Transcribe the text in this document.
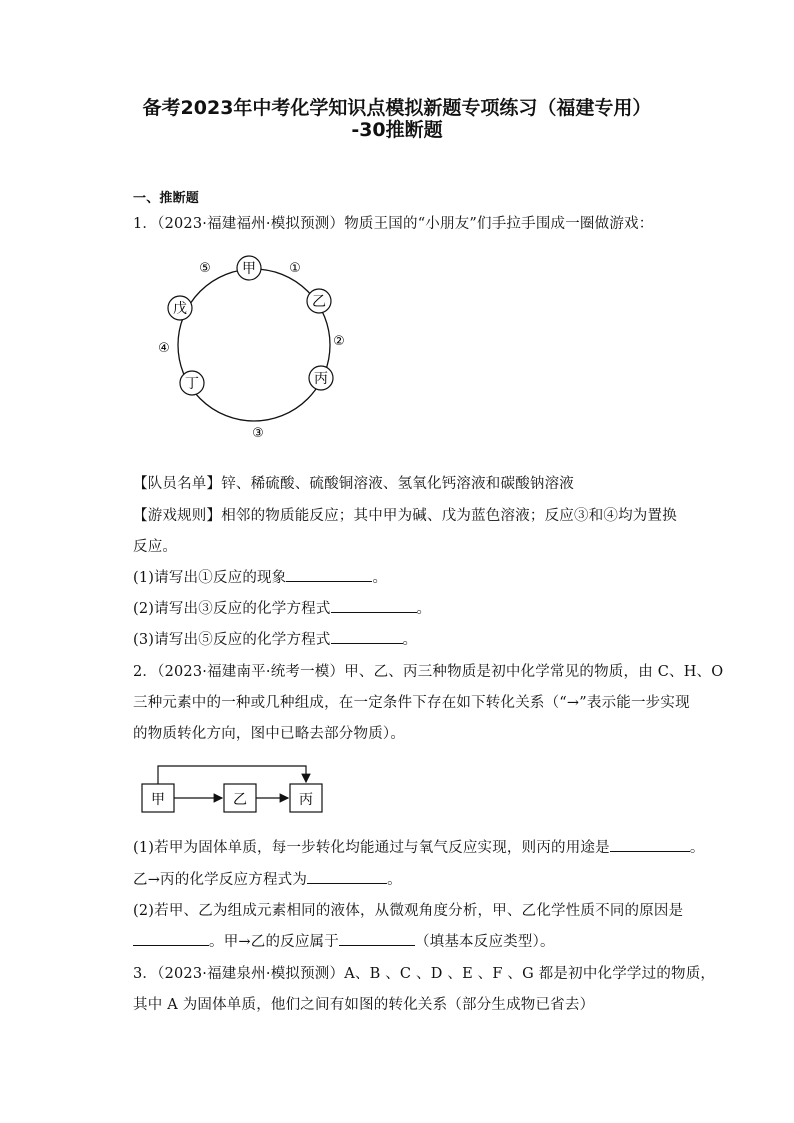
备考2023年中考化学知识点模拟新题专项练习（福建专用）
-30推断题
一、推断题
1．（2023·福建福州·模拟预测）物质王国的“小朋友”们手拉手围成一圈做游戏：
甲
乙
丙
丁
戊
①
②
③
④
⑤
【队员名单】锌、稀硫酸、硫酸铜溶液、氢氧化钙溶液和碳酸钠溶液
【游戏规则】相邻的物质能反应；其中甲为碱、戊为蓝色溶液；反应③和④均为置换
反应。
(1)请写出①反应的现象	。
(2)请写出③反应的化学方程式	。
(3)请写出⑤反应的化学方程式	。
2．（2023·福建南平·统考一模）甲、乙、丙三种物质是初中化学常见的物质，由 C、H、O
三种元素中的一种或几种组成，在一定条件下存在如下转化关系（“→”表示能一步实现
的物质转化方向，图中已略去部分物质）。
甲	乙	丙
(1)若甲为固体单质，每一步转化均能通过与氧气反应实现，则丙的用途是	。
乙→丙的化学反应方程式为	。
(2)若甲、乙为组成元素相同的液体，从微观角度分析，甲、乙化学性质不同的原因是
。甲→乙的反应属于	（填基本反应类型）。
3．（2023·福建泉州·模拟预测）A、B 、C 、D 、E 、F 、G 都是初中化学学过的物质，
其中 A 为固体单质，他们之间有如图的转化关系（部分生成物已省去）
